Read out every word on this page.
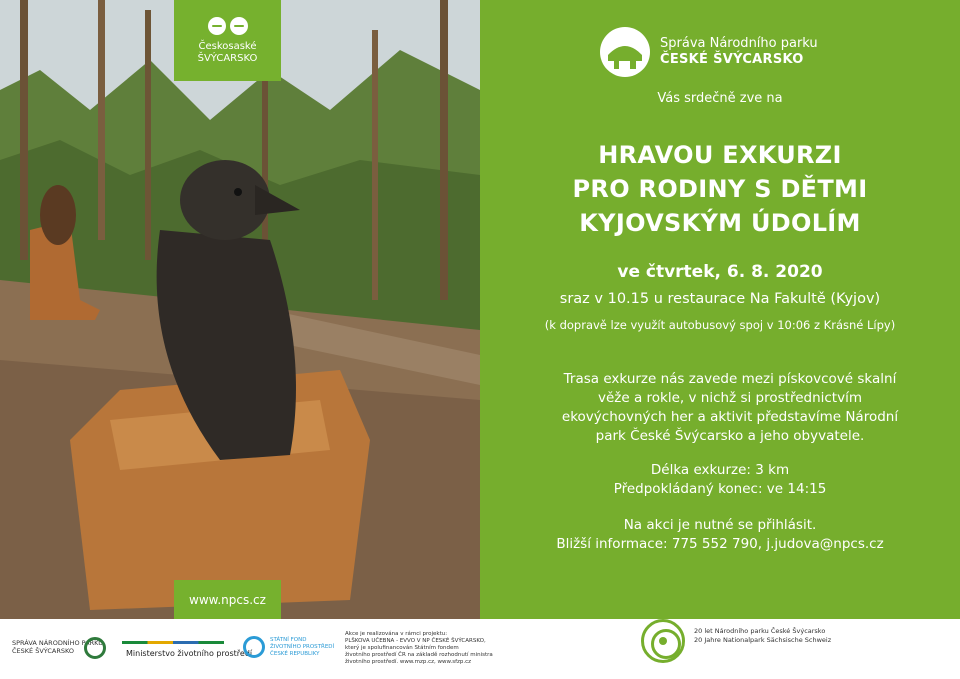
Českosaské
ŠVÝCARSKO
www.npcs.cz
Správa Národního parku
ČESKÉ ŠVÝCARSKO
Vás srdečně zve na
HRAVOU EXKURZI
PRO RODINY S DĚTMI
KYJOVSKÝM ÚDOLÍM
ve čtvrtek, 6. 8. 2020
sraz v 10.15 u restaurace Na Fakultě (Kyjov)
(k dopravě lze využít autobusový spoj v 10:06 z Krásné Lípy)
Trasa exkurze nás zavede mezi pískovcové skalní
věže a rokle, v nichž si prostřednictvím
ekovýchovných her a aktivit představíme Národní
park České Švýcarsko a jeho obyvatele.
Délka exkurze: 3 km
Předpokládaný konec: ve 14:15
Na akci je nutné se přihlásit.
Bližší informace: 775 552 790, j.judova@npcs.cz
SPRÁVA NÁRODNÍHO PARKU
ČESKÉ ŠVÝCARSKO	Ministerstvo životního prostředí
STÁTNÍ FOND
ŽIVOTNÍHO PROSTŘEDÍ
ČESKÉ REPUBLIKY
Akce je realizována v rámci projektu:
PLŠKOVA UČEBNA - EVVO V NP ČESKÉ ŠVÝCARSKO,
který je spolufinancován Státním fondem
životního prostředí ČR na základě rozhodnutí ministra
životního prostředí. www.mzp.cz, www.sfzp.cz
20 let Národního parku České Švýcarsko
20 Jahre Nationalpark Sächsische Schweiz
